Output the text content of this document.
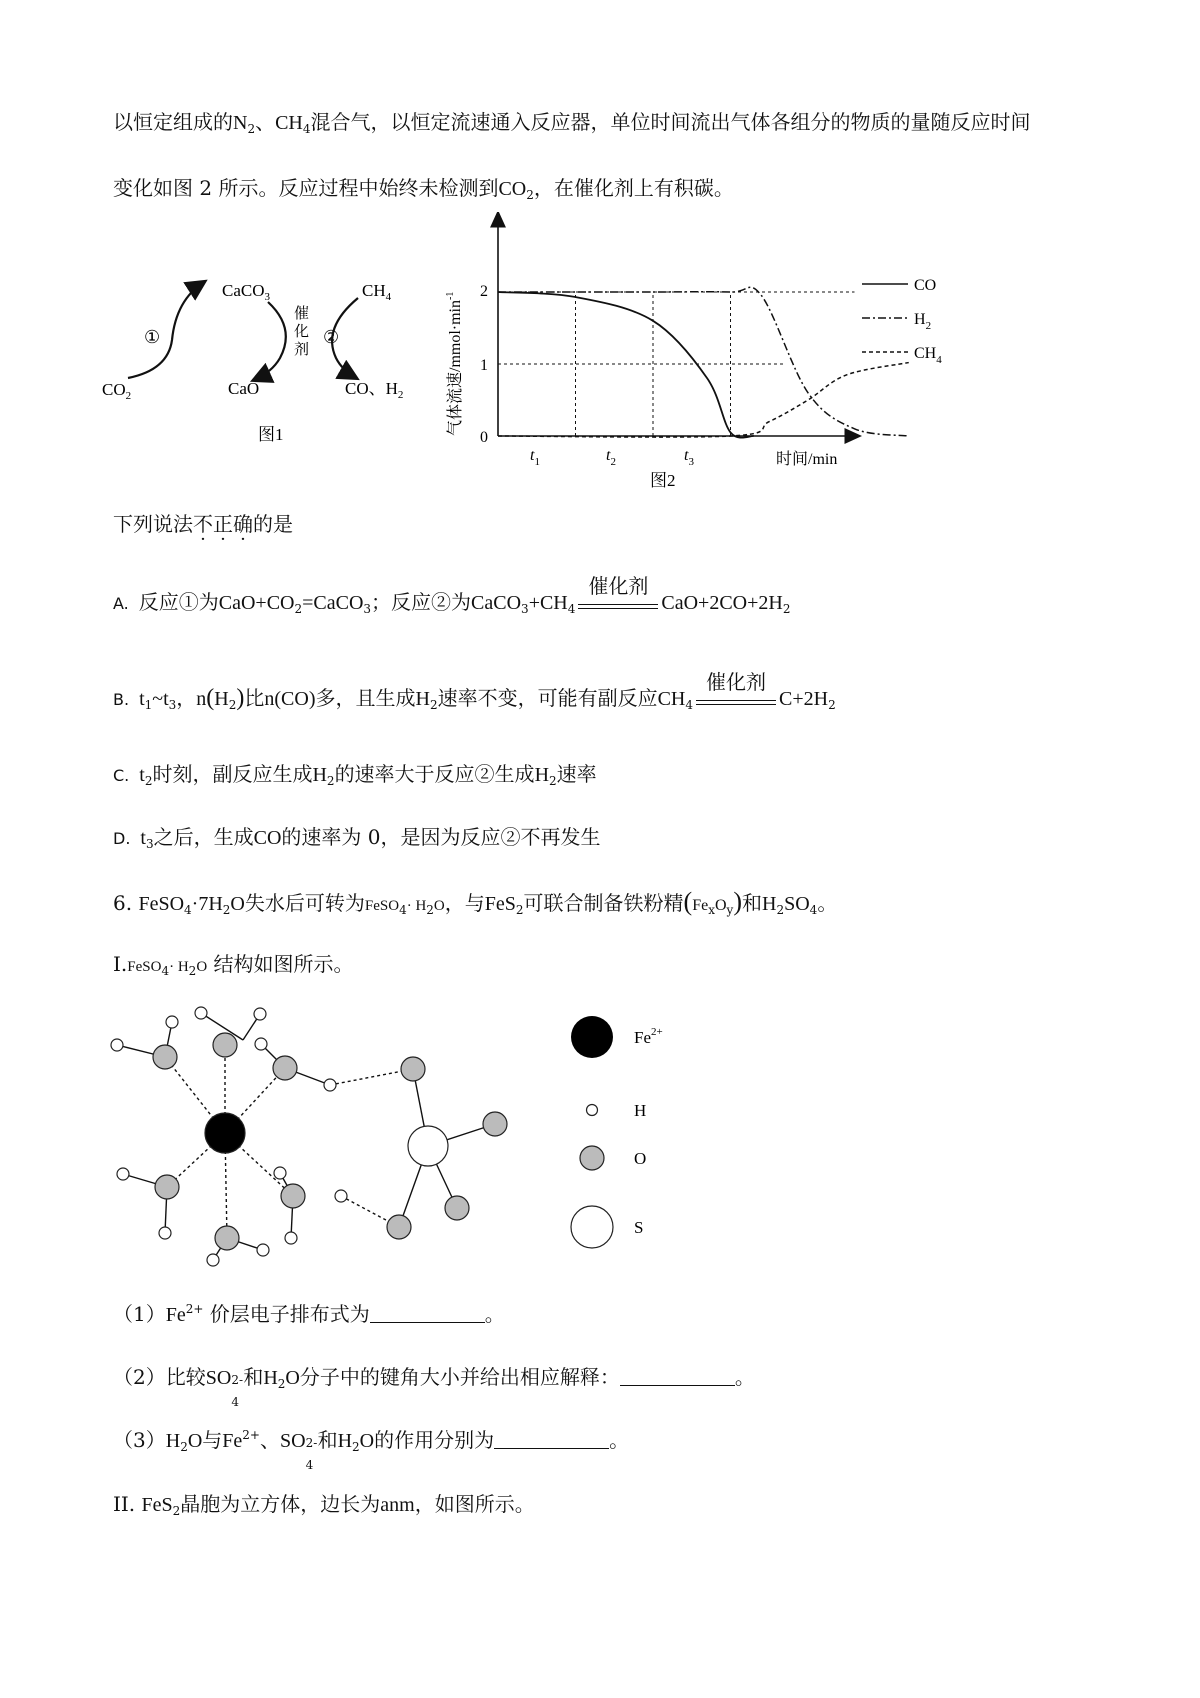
以恒定组成的$N_2$、$CH_4$混合气，以恒定流速通入反应器，单位时间流出气体各组分的物质的量随反应时间
变化如图 2 所示。反应过程中始终未检测到$CO_2$，在催化剂上有积碳。
CaCO$_3$	$CH_4$
$CO_2$	CaO	CO、$H_2$
①	②
催
化
剂
图1	气体流速$/mmol\cdot\min^{-1}$
0
1
2
$t_1$	$t_2$	$t_3$	时间/min
图2
CO
$H_2$
$CH_4$
下列说法不正确的是
A. 反应①为$CaO+CO_2=CaCO_3$；反应②为$CaCO_3+CH_4$
催化剂
$CaO+2CO+2H_2$
B. $t_1\sim t_3$，$n(H_2)$比n(CO)多，且生成$H_2$速率不变，可能有副反应$CH_4$
催化剂
$C+2H_2$
C. $t_2$时刻，副反应生成$H_2$的速率大于反应②生成$H_2$速率
D. $t_3$之后，生成CO的速率为 0，是因为反应②不再发生
6. $FeSO_4\cdot 7H_2O$失水后可转为FeSO$_4$· $H_2O$，与FeS$_2$可联合制备铁粉精$(Fe_xO_y)$和$H_2SO_4$。
I.FeSO$_4$· $H_2O$ 结构如图所示。
$Fe^{2+}$
H
O
S
$(1)Fe^{2+}$ 价层电子排布式为	。
（2）比较SO 2-
4
和$H_2O$分子中的键角大小并给出相应解释：	。
$(3)H_2O$与$Fe^{2+}$、SO 2-
4
和$H_2O$的作用分别为	。
II. FeS$_2$晶胞为立方体，边长为anm，如图所示。
